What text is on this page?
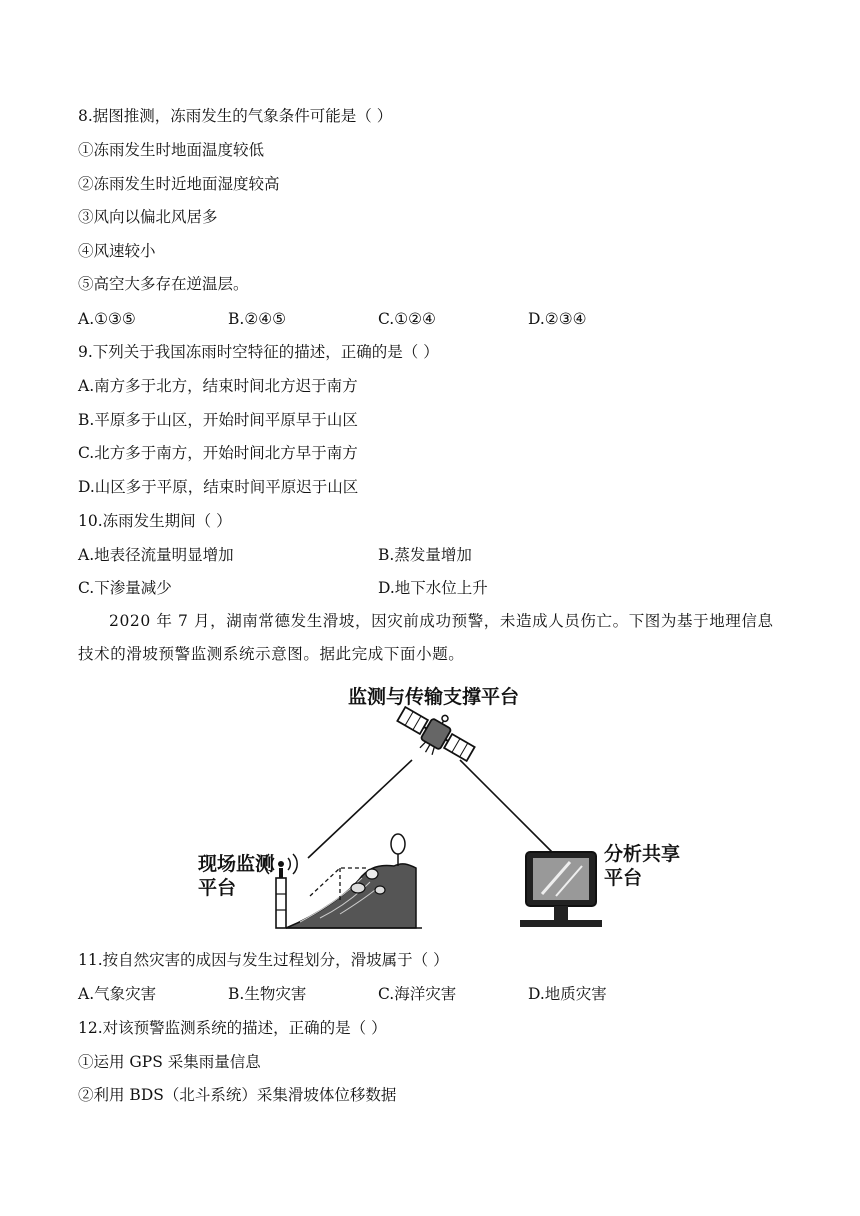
8.据图推测，冻雨发生的气象条件可能是（ ）
①冻雨发生时地面温度较低
②冻雨发生时近地面湿度较高
③风向以偏北风居多
④风速较小
⑤高空大多存在逆温层。
A.①③⑤	B.②④⑤	C.①②④	D.②③④
9.下列关于我国冻雨时空特征的描述，正确的是（ ）
A.南方多于北方，结束时间北方迟于南方
B.平原多于山区，开始时间平原早于山区
C.北方多于南方，开始时间北方早于南方
D.山区多于平原，结束时间平原迟于山区
10.冻雨发生期间（ ）
A.地表径流量明显增加	B.蒸发量增加
C.下渗量减少	D.地下水位上升
2020 年 7 月，湖南常德发生滑坡，因灾前成功预警，未造成人员伤亡。下图为基于地理信息技术的滑坡预警监测系统示意图。据此完成下面小题。
监测与传输支撑平台
现场监测平台
分析共享平台
11.按自然灾害的成因与发生过程划分，滑坡属于（ ）
A.气象灾害	B.生物灾害	C.海洋灾害	D.地质灾害
12.对该预警监测系统的描述，正确的是（ ）
①运用 GPS 采集雨量信息
②利用 BDS（北斗系统）采集滑坡体位移数据
